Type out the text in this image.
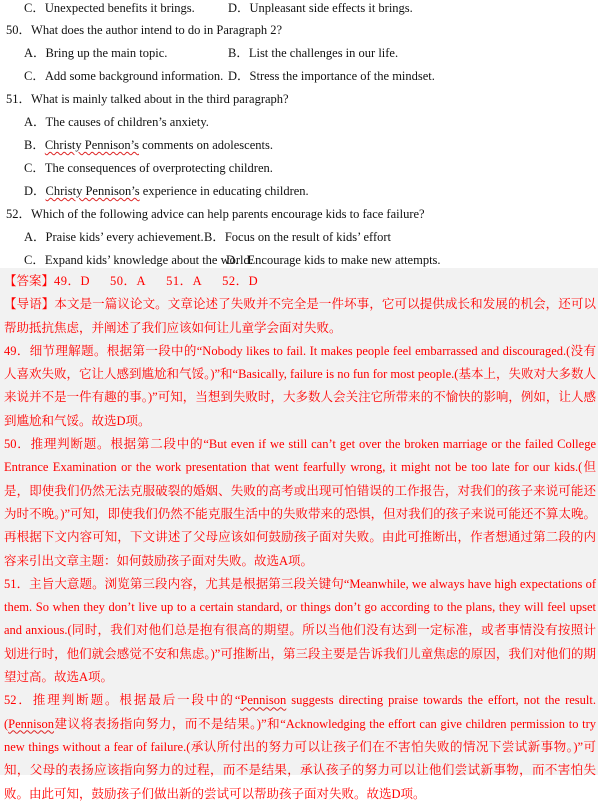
C．Unexpected benefits it brings.	D．Unpleasant side effects it brings.
50．What does the author intend to do in Paragraph 2?
A．Bring up the main topic.	B．List the challenges in our life.
C．Add some background information. D．Stress the importance of the mindset.
51．What is mainly talked about in the third paragraph?
A．The causes of children’s anxiety.
B．Christy Pennison’s comments on adolescents.
C．The consequences of overprotecting children.
D．Christy Pennison’s experience in educating children.
52．Which of the following advice can help parents encourage kids to face failure?
A．Praise kids’ every achievement. B．Focus on the result of kids’ effort
C．Expand kids’ knowledge about the world.
D．Encourage kids to make new attempts.

【答案】49．D 50．A 51．A 52．D

【导语】本文是一篇议论文。文章论述了失败并不完全是一件坏事，它可以提供成长和发展的机会，还可以帮助抵抗焦虑，并阐述了我们应该如何让儿童学会面对失败。

49．细节理解题。根据第一段中的“Nobody likes to fail. It makes people feel embarrassed and discouraged.(没有人喜欢失败，它让人感到尴尬和气馁。)”和“Basically, failure is no fun for most people.(基本上，失败对大多数人来说并不是一件有趣的事。)”可知，当想到失败时，大多数人会关注它所带来的不愉快的影响，例如，让人感到尴尬和气馁。故选D项。

50．推理判断题。根据第二段中的“But even if we still can’t get over the broken marriage or the failed College Entrance Examination or the work presentation that went fearfully wrong, it might not be too late for our kids.(但是，即使我们仍然无法克服破裂的婚姻、失败的高考或出现可怕错误的工作报告，对我们的孩子来说可能还为时不晚。)”可知，即使我们仍然不能克服生活中的失败带来的恐惧，但对我们的孩子来说可能还不算太晚。再根据下文内容可知，下文讲述了父母应该如何鼓励孩子面对失败。由此可推断出，作者想通过第二段的内容来引出文章主题：如何鼓励孩子面对失败。故选A项。

51．主旨大意题。浏览第三段内容，尤其是根据第三段关键句“Meanwhile, we always have high expectations of them. So when they don’t live up to a certain standard, or things don’t go according to the plans, they will feel upset and anxious.(同时，我们对他们总是抱有很高的期望。所以当他们没有达到一定标准，或者事情没有按照计划进行时，他们就会感觉不安和焦虑。)”可推断出，第三段主要是告诉我们儿童焦虑的原因，我们对他们的期望过高。故选A项。

52．推理判断题。根据最后一段中的“Pennison suggests directing praise towards the effort, not the result.(Pennison建议将表扬指向努力，而不是结果。)”和“Acknowledging the effort can give children permission to try new things without a fear of failure.(承认所付出的努力可以让孩子们在不害怕失败的情况下尝试新事物。)”可知，父母的表扬应该指向努力的过程，而不是结果，承认孩子的努力可以让他们尝试新事物，而不害怕失败。由此可知，鼓励孩子们做出新的尝试可以帮助孩子面对失败。故选D项。
